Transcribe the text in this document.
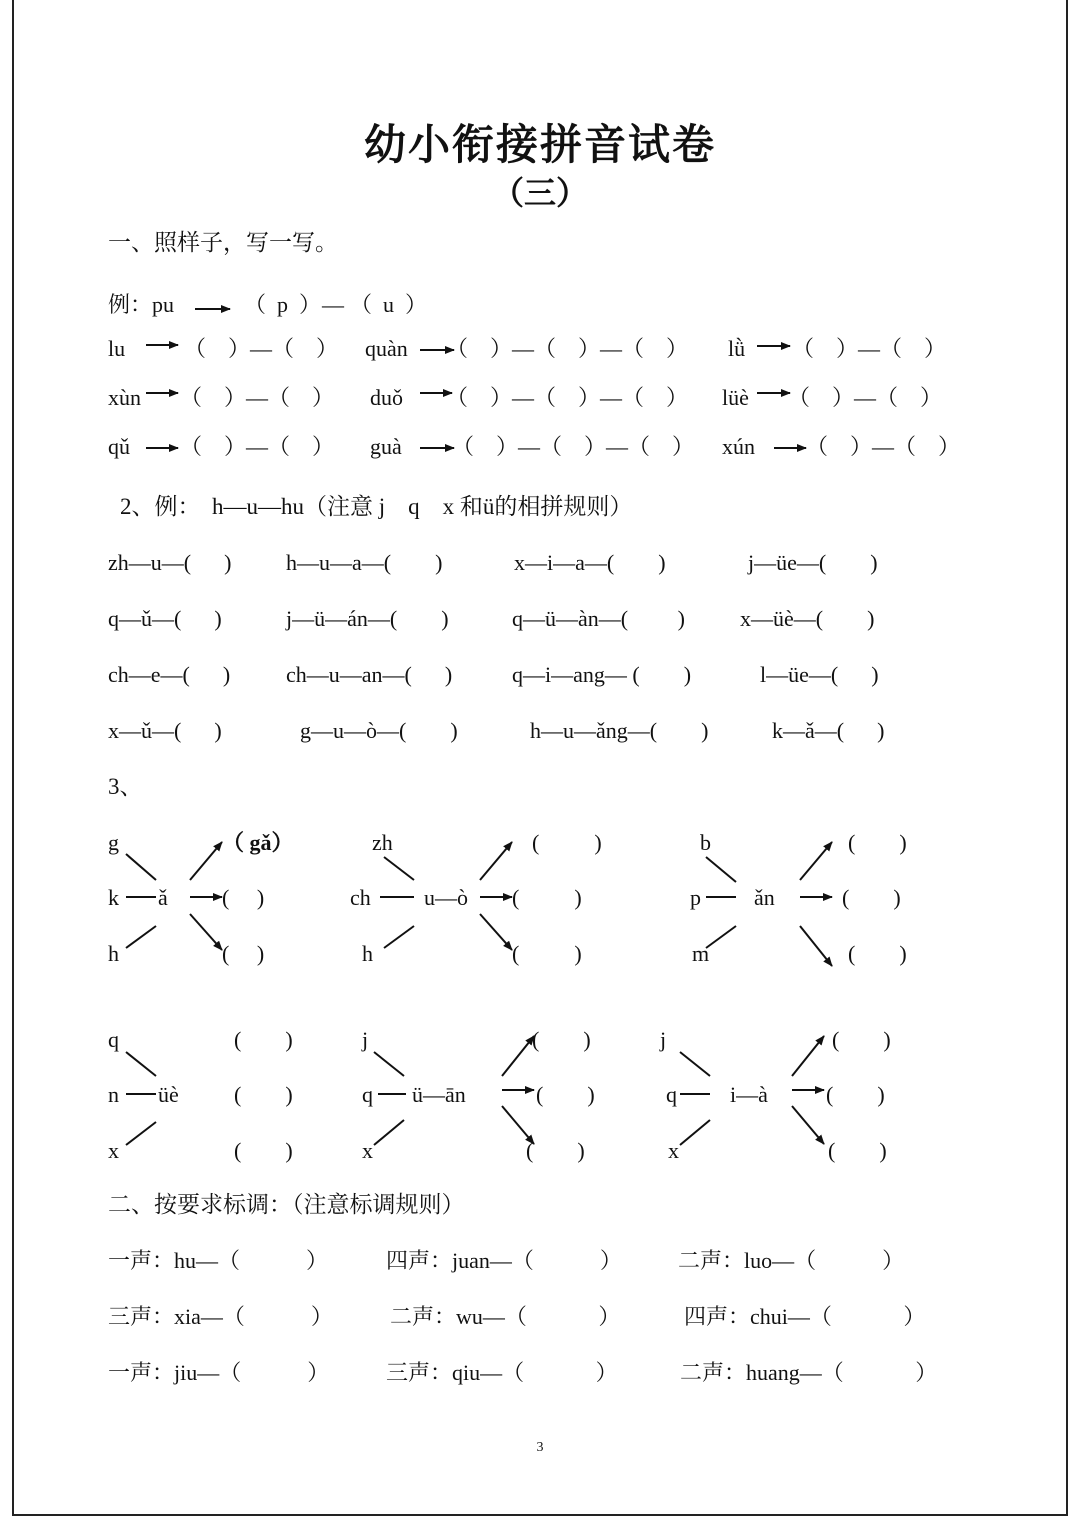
幼小衔接拼音试卷
（三）
一、照样子，写一写。
例：pu	（  p  ） — （  u  ）
lu	（    ）—（    ） quàn （    ）—（    ）—（    ） lǜ （    ）—（    ）
xùn （    ）—（    ） duǒ （    ）—（    ）—（    ） lüè （    ）—（    ）
qǔ （    ）—（    ） guà （    ）—（    ）—（    ） xún （    ）—（    ）
2、例：  h—u—hu（注意 j    q    x 和ü的相拼规则）
zh—u—(      ) h—u—a—(        )	x—i—a—(        )	j—üe—(        )
q—ǔ—(      )	j—ü—án—(        )	q—ü—àn—(         )	x—üè—(        )
ch—e—(      )	ch—u—an—(      )	q—i—ang— (        )	l—üe—(      )
x—ǔ—(      )	g—u—ò—(        )	h—u—ǎng—(        )	k—ǎ—(      )
3、
g
k
h
ǎ
（ gǎ）
(     )
(     )
zh
ch
h
u—ò
(          )
(          )
(          )
b
p
m
ǎn
(        )
(        )
(        )
q
n
x
üè
(        )
(        )
(        )
j
q
x
ü—ān
(        )
(        )
(        )
j
q
x
i—à
(        )
(        )
(        )
二、按要求标调：（注意标调规则）
一声：hu—（            ）	四声：juan—（            ）	二声：luo—（            ）
三声：xia—（            ）	二声：wu—（             ）	四声：chui—（             ）
一声：jiu—（            ）	三声：qiu—（             ）	二声：huang—（             ）
3
